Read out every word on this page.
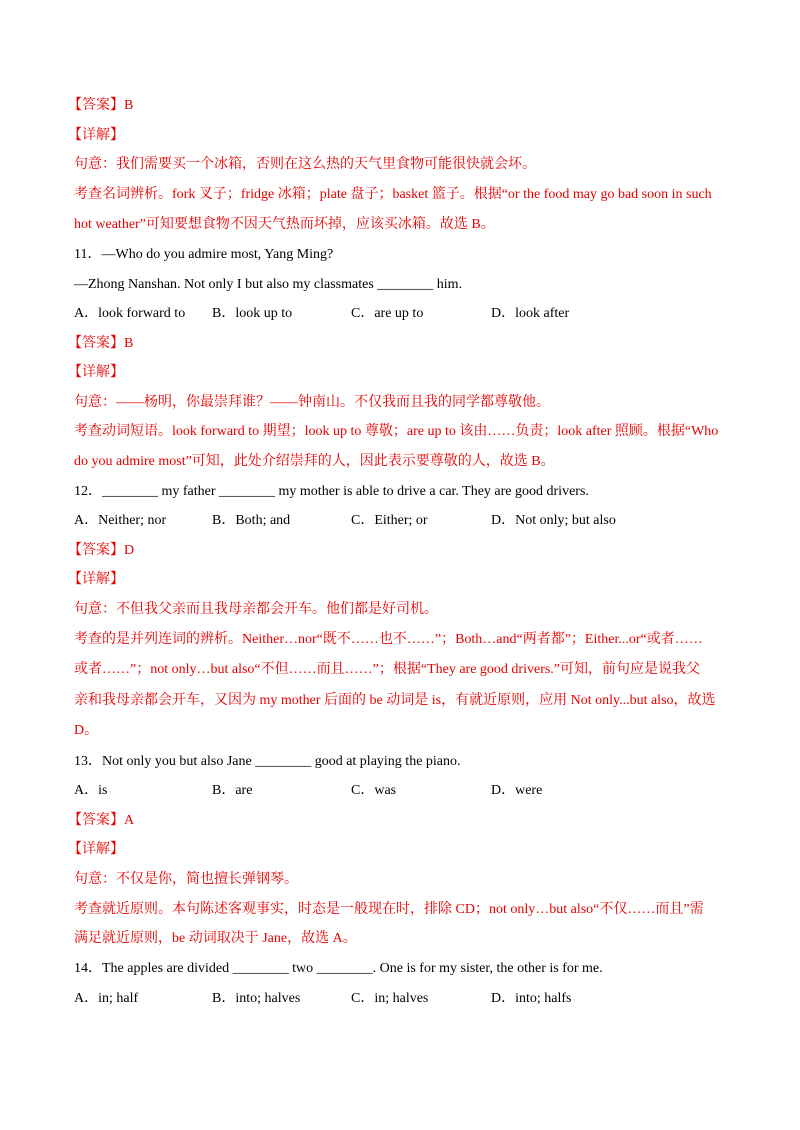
【答案】B
【详解】
句意：我们需要买一个冰箱，否则在这么热的天气里食物可能很快就会坏。
考查名词辨析。fork 叉子；fridge 冰箱；plate 盘子；basket 篮子。根据“or the food may go bad soon in such
hot weather”可知要想食物不因天气热而坏掉，应该买冰箱。故选 B。
11．—Who do you admire most, Yang Ming?
—Zhong Nanshan. Not only I but also my classmates ________ him.
A．look forward to B．look up to	C．are up to	D．look after
【答案】B
【详解】
句意：——杨明，你最崇拜谁？——钟南山。不仅我而且我的同学都尊敬他。
考查动词短语。look forward to 期望；look up to 尊敬；are up to 该由……负责；look after 照顾。根据“Who
do you admire most”可知，此处介绍崇拜的人，因此表示要尊敬的人，故选 B。
12．________ my father ________ my mother is able to drive a car. They are good drivers.
A．Neither; nor	B．Both; and	C．Either; or	D．Not only; but also
【答案】D
【详解】
句意：不但我父亲而且我母亲都会开车。他们都是好司机。
考查的是并列连词的辨析。Neither…nor“既不……也不……”；Both…and“两者都”；Either...or“或者……
或者……”；not only…but also“不但……而且……”；根据“They are good drivers.”可知，前句应是说我父
亲和我母亲都会开车，又因为 my mother 后面的 be 动词是 is，有就近原则，应用 Not only...but also，故选
D。
13．Not only you but also Jane ________ good at playing the piano.
A．is	B．are	C．was	D．were
【答案】A
【详解】
句意：不仅是你，简也擅长弹钢琴。
考查就近原则。本句陈述客观事实，时态是一般现在时，排除 CD；not only…but also“不仅……而且”需
满足就近原则，be 动词取决于 Jane，故选 A。
14．The apples are divided ________ two ________. One is for my sister, the other is for me.
A．in; half	B．into; halves	C．in; halves	D．into; halfs
